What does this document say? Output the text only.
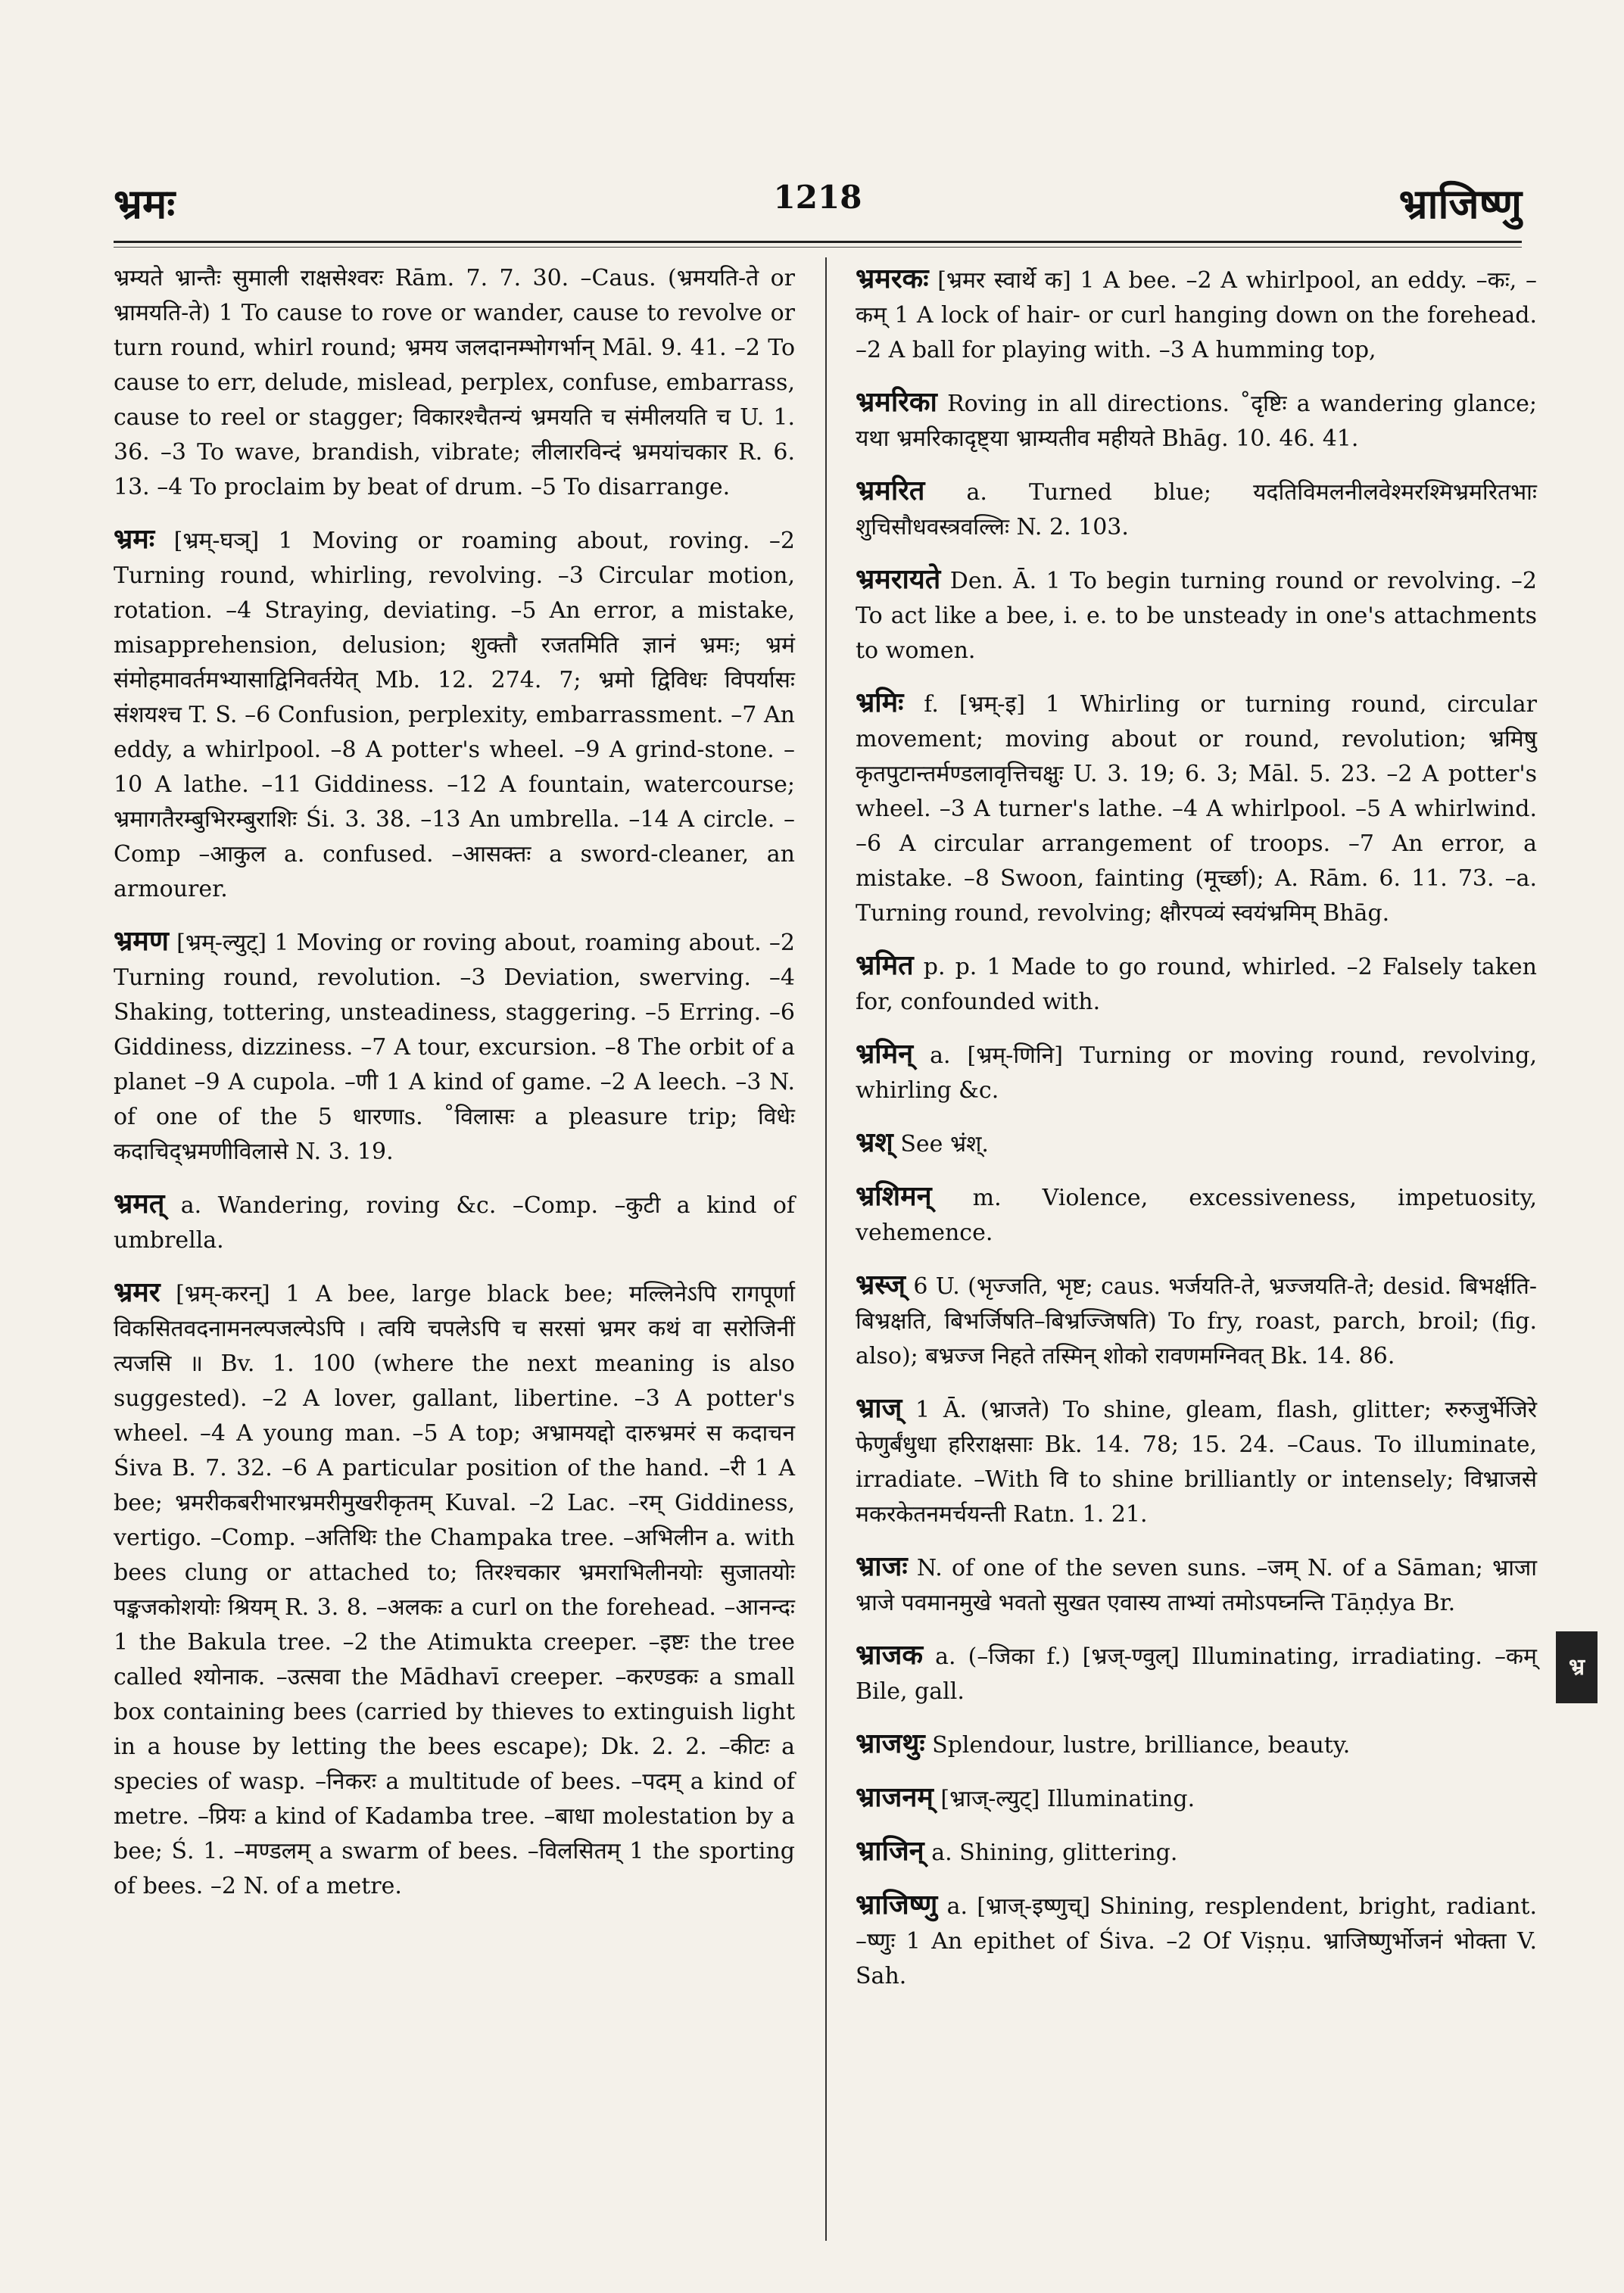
भ्रमः	1218	भ्राजिष्णु

भ्रम्यते भ्रान्तैः सुमाली राक्षसेश्वरः Rām. 7. 7. 30. –Caus. (भ्रमयति-ते or भ्रामयति-ते) 1 To cause to rove or wander, cause to revolve or turn round, whirl round; भ्रमय जलदानम्भोगर्भान् Māl. 9. 41. –2 To cause to err, delude, mislead, perplex, confuse, embarrass, cause to reel or stagger; विकारश्चैतन्यं भ्रमयति च संमीलयति च U. 1. 36. –3 To wave, brandish, vibrate; लीलारविन्दं भ्रमयांचकार R. 6. 13. –4 To proclaim by beat of drum. –5 To disarrange.

भ्रमः [भ्रम्-घञ्] 1 Moving or roaming about, roving. –2 Turning round, whirling, revolving. –3 Circular motion, rotation. –4 Straying, deviating. –5 An error, a mistake, misapprehension, delusion; शुक्तौ रजतमिति ज्ञानं भ्रमः; भ्रमं संमोहमावर्तमभ्यासाद्विनिवर्तयेत् Mb. 12. 274. 7; भ्रमो द्विविधः विपर्यासः संशयश्च T. S. –6 Confusion, perplexity, embarrassment. –7 An eddy, a whirlpool. –8 A potter's wheel. –9 A grind-stone. –10 A lathe. –11 Giddiness. –12 A fountain, watercourse; भ्रमागतैरम्बुभिरम्बुराशिः Śi. 3. 38. –13 An umbrella. –14 A circle. –Comp –आकुल a. confused. –आसक्तः a sword-cleaner, an armourer.

भ्रमण [भ्रम्-ल्युट्] 1 Moving or roving about, roaming about. –2 Turning round, revolution. –3 Deviation, swerving. –4 Shaking, tottering, unsteadiness, staggering. –5 Erring. –6 Giddiness, dizziness. –7 A tour, excursion. –8 The orbit of a planet –9 A cupola. –णी 1 A kind of game. –2 A leech. –3 N. of one of the 5 धारणाs. ˚विलासः a pleasure trip; विधेः कदाचिद्भ्रमणीविलासे N. 3. 19.

भ्रमत् a. Wandering, roving &c. –Comp. –कुटी a kind of umbrella.

भ्रमर [भ्रम्-करन्] 1 A bee, large black bee; मल्लिनेऽपि रागपूर्णा विकसितवदनामनल्पजल्पेऽपि । त्वयि चपलेऽपि च सरसां भ्रमर कथं वा सरोजिनीं त्यजसि ॥ Bv. 1. 100 (where the next meaning is also suggested). –2 A lover, gallant, libertine. –3 A potter's wheel. –4 A young man. –5 A top; अभ्रामयद्दो दारुभ्रमरं स कदाचन Śiva B. 7. 32. –6 A particular position of the hand. –री 1 A bee; भ्रमरीकबरीभारभ्रमरीमुखरीकृतम् Kuval. –2 Lac. –रम् Giddiness, vertigo. –Comp. –अतिथिः the Champaka tree. –अभिलीन a. with bees clung or attached to; तिरश्चकार भ्रमराभिलीनयोः सुजातयोः पङ्कजकोशयोः श्रियम् R. 3. 8. –अलकः a curl on the forehead. –आनन्दः 1 the Bakula tree. –2 the Atimukta creeper. –इष्टः the tree called श्योनाक. –उत्सवा the Mādhavī creeper. –करण्डकः a small box containing bees (carried by thieves to extinguish light in a house by letting the bees escape); Dk. 2. 2. –कीटः a species of wasp. –निकरः a multitude of bees. –पदम् a kind of metre. –प्रियः a kind of Kadamba tree. –बाधा molestation by a bee; Ś. 1. –मण्डलम् a swarm of bees. –विलसितम् 1 the sporting of bees. –2 N. of a metre.

भ्रमरकः [भ्रमर स्वार्थे क] 1 A bee. –2 A whirlpool, an eddy. –कः, –कम् 1 A lock of hair- or curl hanging down on the forehead. –2 A ball for playing with. –3 A humming top,

भ्रमरिका Roving in all directions. ˚दृष्टिः a wandering glance; यथा भ्रमरिकादृष्ट्या भ्राम्यतीव महीयते Bhāg. 10. 46. 41.

भ्रमरित a. Turned blue; यदतिविमलनीलवेश्मरश्मिभ्रमरितभाः शुचिसौधवस्त्रवल्लिः N. 2. 103.

भ्रमरायते Den. Ā. 1 To begin turning round or revolving. –2 To act like a bee, i. e. to be unsteady in one's attachments to women.

भ्रमिः f. [भ्रम्-इ] 1 Whirling or turning round, circular movement; moving about or round, revolution; भ्रमिषु कृतपुटान्तर्मण्डलावृत्तिचक्षुः U. 3. 19; 6. 3; Māl. 5. 23. –2 A potter's wheel. –3 A turner's lathe. –4 A whirlpool. –5 A whirlwind. –6 A circular arrangement of troops. –7 An error, a mistake. –8 Swoon, fainting (मूर्च्छा); A. Rām. 6. 11. 73. –a. Turning round, revolving; क्षौरपव्यं स्वयंभ्रमिम् Bhāg.

भ्रमित p. p. 1 Made to go round, whirled. –2 Falsely taken for, confounded with.

भ्रमिन् a. [भ्रम्-णिनि] Turning or moving round, revolving, whirling &c.

भ्रश् See भ्रंश्.

भ्रशिमन् m. Violence, excessiveness, impetuosity, vehemence.

भ्रस्ज् 6 U. (भृज्जति, भृष्ट; caus. भर्जयति-ते, भ्रज्जयति-ते; desid. बिभर्क्षति-बिभ्रक्षति, बिभर्जिषति–बिभ्रज्जिषति) To fry, roast, parch, broil; (fig. also); बभ्रज्ज निहते तस्मिन् शोको रावणमग्निवत् Bk. 14. 86.

भ्राज् 1 Ā. (भ्राजते) To shine, gleam, flash, glitter; रुरुजुर्भेजिरे फेणुर्बंधुधा हरिराक्षसाः Bk. 14. 78; 15. 24. –Caus. To illuminate, irradiate. –With वि to shine brilliantly or intensely; विभ्राजसे मकरकेतनमर्चयन्ती Ratn. 1. 21.

भ्राजः N. of one of the seven suns. –जम् N. of a Sāman; भ्राजा भ्राजे पवमानमुखे भवतो सुखत एवास्य ताभ्यां तमोऽपघ्नन्ति Tāṇḍya Br.

भ्राजक a. (–जिका f.) [भ्रज्-ण्वुल्] Illuminating, irradiating. –कम् Bile, gall.

भ्राजथुः Splendour, lustre, brilliance, beauty.

भ्राजनम् [भ्राज्-ल्युट्] Illuminating.

भ्राजिन् a. Shining, glittering.

भ्राजिष्णु a. [भ्राज्-इष्णुच्] Shining, resplendent, bright, radiant. –ष्णुः 1 An epithet of Śiva. –2 Of Viṣṇu. भ्राजिष्णुर्भोजनं भोक्ता V. Sah.

भ्र
